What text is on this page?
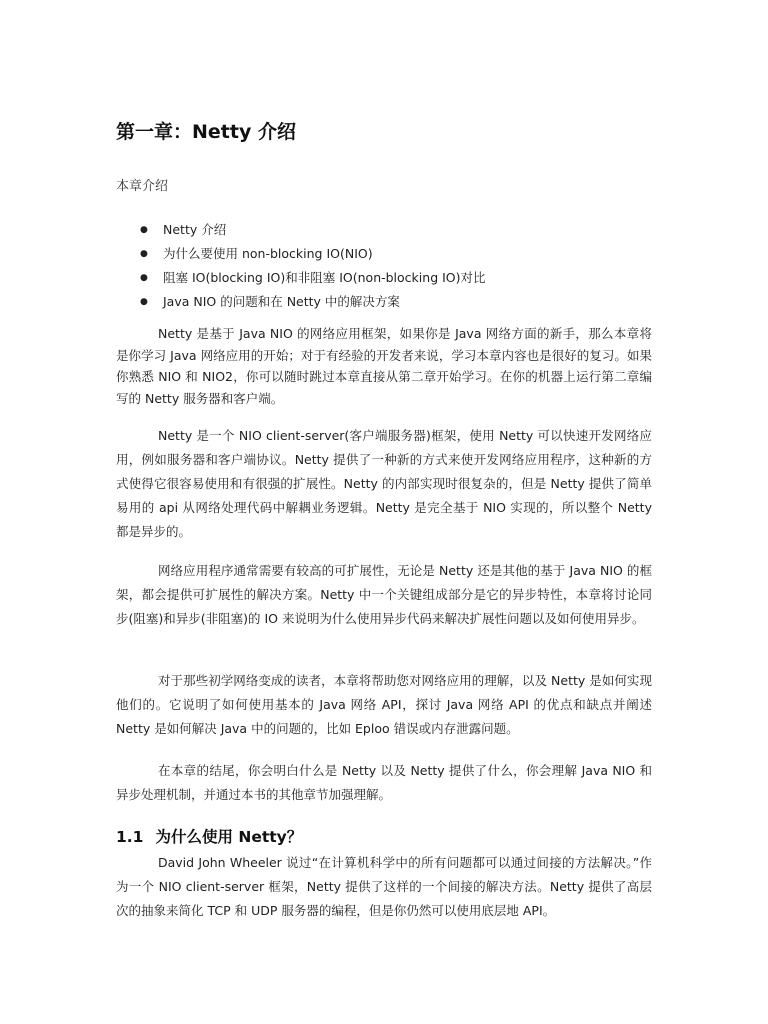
第一章：Netty 介绍
本章介绍
● Netty 介绍
● 为什么要使用 non-blocking IO(NIO)
● 阻塞 IO(blocking IO)和非阻塞 IO(non-blocking IO)对比
● Java NIO 的问题和在 Netty 中的解决方案

Netty 是基于 Java NIO 的网络应用框架，如果你是 Java 网络方面的新手，那么本章将是你学习 Java 网络应用的开始；对于有经验的开发者来说，学习本章内容也是很好的复习。如果你熟悉 NIO 和 NIO2，你可以随时跳过本章直接从第二章开始学习。在你的机器上运行第二章编写的 Netty 服务器和客户端。

Netty 是一个 NIO client-server(客户端服务器)框架，使用 Netty 可以快速开发网络应用，例如服务器和客户端协议。Netty 提供了一种新的方式来使开发网络应用程序，这种新的方式使得它很容易使用和有很强的扩展性。Netty 的内部实现时很复杂的，但是 Netty 提供了简单易用的 api 从网络处理代码中解耦业务逻辑。Netty 是完全基于 NIO 实现的，所以整个 Netty 都是异步的。

网络应用程序通常需要有较高的可扩展性，无论是 Netty 还是其他的基于 Java NIO 的框架，都会提供可扩展性的解决方案。Netty 中一个关键组成部分是它的异步特性，本章将讨论同步(阻塞)和异步(非阻塞)的 IO 来说明为什么使用异步代码来解决扩展性问题以及如何使用异步。

对于那些初学网络变成的读者，本章将帮助您对网络应用的理解，以及 Netty 是如何实现他们的。它说明了如何使用基本的 Java 网络 API，探讨 Java 网络 API 的优点和缺点并阐述 Netty 是如何解决 Java 中的问题的，比如 Eploo 错误或内存泄露问题。

在本章的结尾，你会明白什么是 Netty 以及 Netty 提供了什么，你会理解 Java NIO 和异步处理机制，并通过本书的其他章节加强理解。

1.1 为什么使用 Netty？

David John Wheeler 说过“在计算机科学中的所有问题都可以通过间接的方法解决。”作为一个 NIO client-server 框架，Netty 提供了这样的一个间接的解决方法。Netty 提供了高层次的抽象来简化 TCP 和 UDP 服务器的编程，但是你仍然可以使用底层地 API。
